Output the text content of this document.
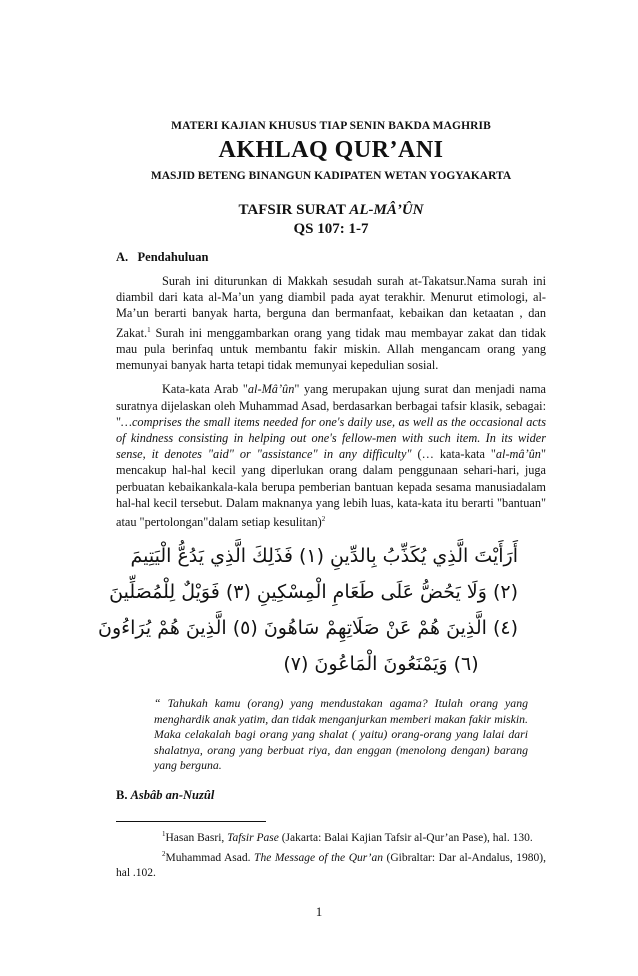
MATERI KAJIAN KHUSUS TIAP SENIN BAKDA MAGHRIB
AKHLAQ QUR’ANI
MASJID BETENG BINANGUN KADIPATEN WETAN YOGYAKARTA
TAFSIR SURAT AL-MÂ’ÛN
QS 107: 1-7
A.   Pendahuluan

Surah ini diturunkan di Makkah sesudah surah at-Takatsur.Nama surah ini diambil dari kata al-Ma’un yang diambil pada ayat terakhir. Menurut etimologi, al-Ma’un berarti banyak harta, berguna dan bermanfaat, kebaikan dan ketaatan , dan Zakat.$^1$ Surah ini menggambarkan orang yang tidak mau membayar zakat dan tidak mau pula berinfaq untuk membantu fakir miskin. Allah mengancam orang yang memunyai banyak harta tetapi tidak memunyai kepedulian sosial.

Kata-kata Arab "al-Mâ’ûn" yang merupakan ujung surat dan menjadi nama suratnya dijelaskan oleh Muhammad Asad, berdasarkan berbagai tafsir klasik, sebagai: "…comprises the small items needed for one's daily use, as well as the occasional acts of kindness consisting in helping out one's fellow-men with such item. In its wider sense, it denotes "aid" or "assistance" in any difficulty" (… kata-kata "al-mâ’ûn" mencakup hal-hal kecil yang diperlukan orang dalam penggunaan sehari-hari, juga perbuatan kebaikankala-kala berupa pemberian bantuan kepada sesama manusiadalam hal-hal kecil tersebut. Dalam maknanya yang lebih luas, kata-kata itu berarti "bantuan" atau "pertolongan"dalam setiap kesulitan)$^2$

أَرَأَيْتَ الَّذِي يُكَذِّبُ بِالدِّينِ (١) فَذَلِكَ الَّذِي يَدُعُّ الْيَتِيمَ
(٢) وَلَا يَحُضُّ عَلَى طَعَامِ الْمِسْكِينِ (٣) فَوَيْلٌ لِلْمُصَلِّينَ
(٤) الَّذِينَ هُمْ عَنْ صَلَاتِهِمْ سَاهُونَ (٥) الَّذِينَ هُمْ يُرَاءُونَ
(٦) وَيَمْنَعُونَ الْمَاعُونَ (٧)
“ Tahukah kamu (orang) yang mendustakan agama? Itulah orang yang menghardik anak yatim, dan tidak menganjurkan memberi makan fakir miskin. Maka celakalah bagi orang yang shalat ( yaitu) orang-orang yang lalai dari shalatnya, orang yang berbuat riya, dan enggan (menolong dengan) barang yang berguna.
B. Asbâb an-Nuzûl
$^1$Hasan Basri, Tafsir Pase (Jakarta: Balai Kajian Tafsir al-Qur’an Pase), hal. 130.
$^2$Muhammad Asad. The Message of the Qur’an (Gibraltar: Dar al-Andalus, 1980), hal .102.
1
